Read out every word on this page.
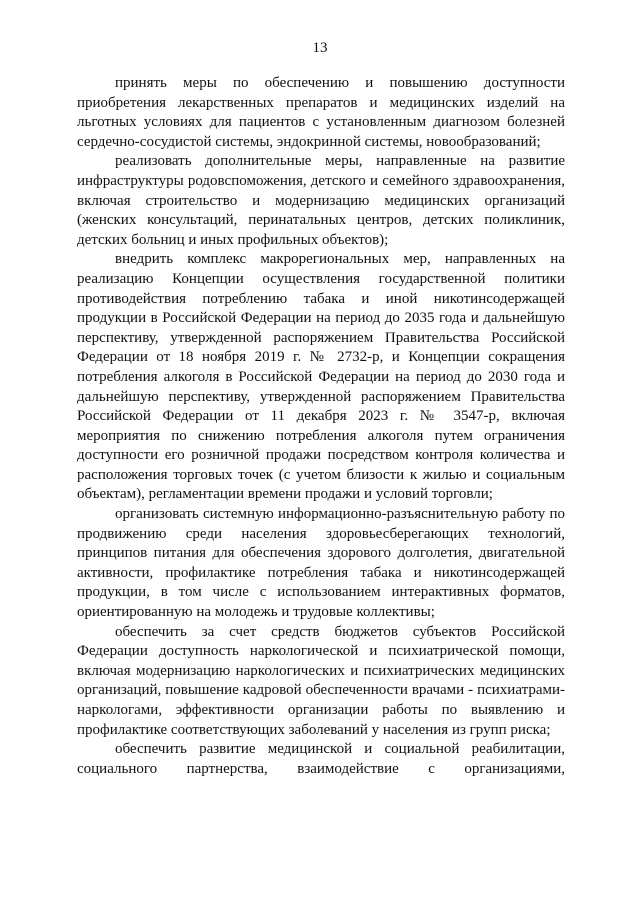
13

принять меры по обеспечению и повышению доступности приобретения лекарственных препаратов и медицинских изделий на льготных условиях для пациентов с установленным диагнозом болезней сердечно-сосудистой системы, эндокринной системы, новообразований;

реализовать дополнительные меры, направленные на развитие инфраструктуры родовспоможения, детского и семейного здравоохранения, включая строительство и модернизацию медицинских организаций (женских консультаций, перинатальных центров, детских поликлиник, детских больниц и иных профильных объектов);

внедрить комплекс макрорегиональных мер, направленных на реализацию Концепции осуществления государственной политики противодействия потреблению табака и иной никотинсодержащей продукции в Российской Федерации на период до 2035 года и дальнейшую перспективу, утвержденной распоряжением Правительства Российской Федерации от 18 ноября 2019 г. № 2732-р, и Концепции сокращения потребления алкоголя в Российской Федерации на период до 2030 года и дальнейшую перспективу, утвержденной распоряжением Правительства Российской Федерации от 11 декабря 2023 г. № 3547-р, включая мероприятия по снижению потребления алкоголя путем ограничения доступности его розничной продажи посредством контроля количества и расположения торговых точек (с учетом близости к жилью и социальным объектам), регламентации времени продажи и условий торговли;

организовать системную информационно-разъяснительную работу по продвижению среди населения здоровьесберегающих технологий, принципов питания для обеспечения здорового долголетия, двигательной активности, профилактике потребления табака и никотинсодержащей продукции, в том числе с использованием интерактивных форматов, ориентированную на молодежь и трудовые коллективы;

обеспечить за счет средств бюджетов субъектов Российской Федерации доступность наркологической и психиатрической помощи, включая модернизацию наркологических и психиатрических медицинских организаций, повышение кадровой обеспеченности врачами - психиатрами-наркологами, эффективности организации работы по выявлению и профилактике соответствующих заболеваний у населения из групп риска;

обеспечить развитие медицинской и социальной реабилитации, социального партнерства, взаимодействие с организациями,
